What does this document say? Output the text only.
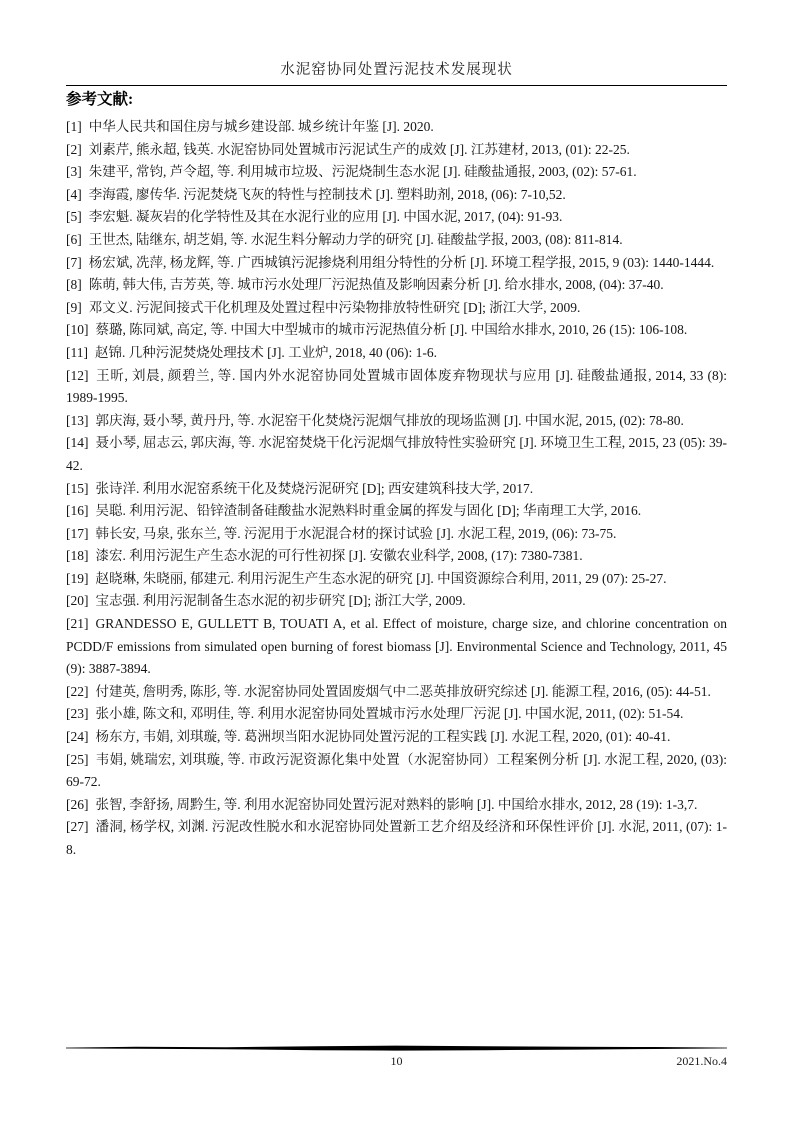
水泥窑协同处置污泥技术发展现状
参考文献:

[1] 中华人民共和国住房与城乡建设部. 城乡统计年鉴 [J]. 2020.

[2] 刘素芹, 熊永超, 钱英. 水泥窑协同处置城市污泥试生产的成效 [J]. 江苏建材, 2013, (01): 22-25.

[3] 朱建平, 常钧, 芦令超, 等. 利用城市垃圾、污泥烧制生态水泥 [J]. 硅酸盐通报, 2003, (02): 57-61.

[4] 李海霞, 廖传华. 污泥焚烧飞灰的特性与控制技术 [J]. 塑料助剂, 2018, (06): 7-10,52.

[5] 李宏魁. 凝灰岩的化学特性及其在水泥行业的应用 [J]. 中国水泥, 2017, (04): 91-93.

[6] 王世杰, 陆继东, 胡芝娟, 等. 水泥生料分解动力学的研究 [J]. 硅酸盐学报, 2003, (08): 811-814.

[7] 杨宏斌, 冼萍, 杨龙辉, 等. 广西城镇污泥掺烧利用组分特性的分析 [J]. 环境工程学报, 2015, 9 (03): 1440-1444.

[8] 陈萌, 韩大伟, 吉芳英, 等. 城市污水处理厂污泥热值及影响因素分析 [J]. 给水排水, 2008, (04): 37-40.

[9] 邓文义. 污泥间接式干化机理及处置过程中污染物排放特性研究 [D]; 浙江大学, 2009.

[10] 蔡璐, 陈同斌, 高定, 等. 中国大中型城市的城市污泥热值分析 [J]. 中国给水排水, 2010, 26 (15): 106-108.

[11] 赵锦. 几种污泥焚烧处理技术 [J]. 工业炉, 2018, 40 (06): 1-6.

[12] 王昕, 刘晨, 颜碧兰, 等. 国内外水泥窑协同处置城市固体废弃物现状与应用 [J]. 硅酸盐通报, 2014, 33 (8): 1989-1995.

[13] 郭庆海, 聂小琴, 黄丹丹, 等. 水泥窑干化焚烧污泥烟气排放的现场监测 [J]. 中国水泥, 2015, (02): 78-80.

[14] 聂小琴, 屈志云, 郭庆海, 等. 水泥窑焚烧干化污泥烟气排放特性实验研究 [J]. 环境卫生工程, 2015, 23 (05): 39-42.

[15] 张诗洋. 利用水泥窑系统干化及焚烧污泥研究 [D]; 西安建筑科技大学, 2017.

[16] 吴聪. 利用污泥、铅锌渣制备硅酸盐水泥熟料时重金属的挥发与固化 [D]; 华南理工大学, 2016.

[17] 韩长安, 马泉, 张东兰, 等. 污泥用于水泥混合材的探讨试验 [J]. 水泥工程, 2019, (06): 73-75.

[18] 漆宏. 利用污泥生产生态水泥的可行性初探 [J]. 安徽农业科学, 2008, (17): 7380-7381.

[19] 赵晓琳, 朱晓丽, 郁建元. 利用污泥生产生态水泥的研究 [J]. 中国资源综合利用, 2011, 29 (07): 25-27.

[20] 宝志强. 利用污泥制备生态水泥的初步研究 [D]; 浙江大学, 2009.

[21] GRANDESSO E, GULLETT B, TOUATI A, et al. Effect of moisture, charge size, and chlorine concentration on PCDD/F emissions from simulated open burning of forest biomass [J]. Environmental Science and Technology, 2011, 45 (9): 3887-3894.

[22] 付建英, 詹明秀, 陈肜, 等. 水泥窑协同处置固废烟气中二恶英排放研究综述 [J]. 能源工程, 2016, (05): 44-51.

[23] 张小雄, 陈文和, 邓明佳, 等. 利用水泥窑协同处置城市污水处理厂污泥 [J]. 中国水泥, 2011, (02): 51-54.

[24] 杨东方, 韦娟, 刘琪璇, 等. 葛洲坝当阳水泥协同处置污泥的工程实践 [J]. 水泥工程, 2020, (01): 40-41.

[25] 韦娟, 姚瑞宏, 刘琪璇, 等. 市政污泥资源化集中处置（水泥窑协同）工程案例分析 [J]. 水泥工程, 2020, (03): 69-72.

[26] 张智, 李舒扬, 周黔生, 等. 利用水泥窑协同处置污泥对熟料的影响 [J]. 中国给水排水, 2012, 28 (19): 1-3,7.

[27] 潘洞, 杨学权, 刘渊. 污泥改性脱水和水泥窑协同处置新工艺介绍及经济和环保性评价 [J]. 水泥, 2011, (07): 1-8.

10	2021.No.4
